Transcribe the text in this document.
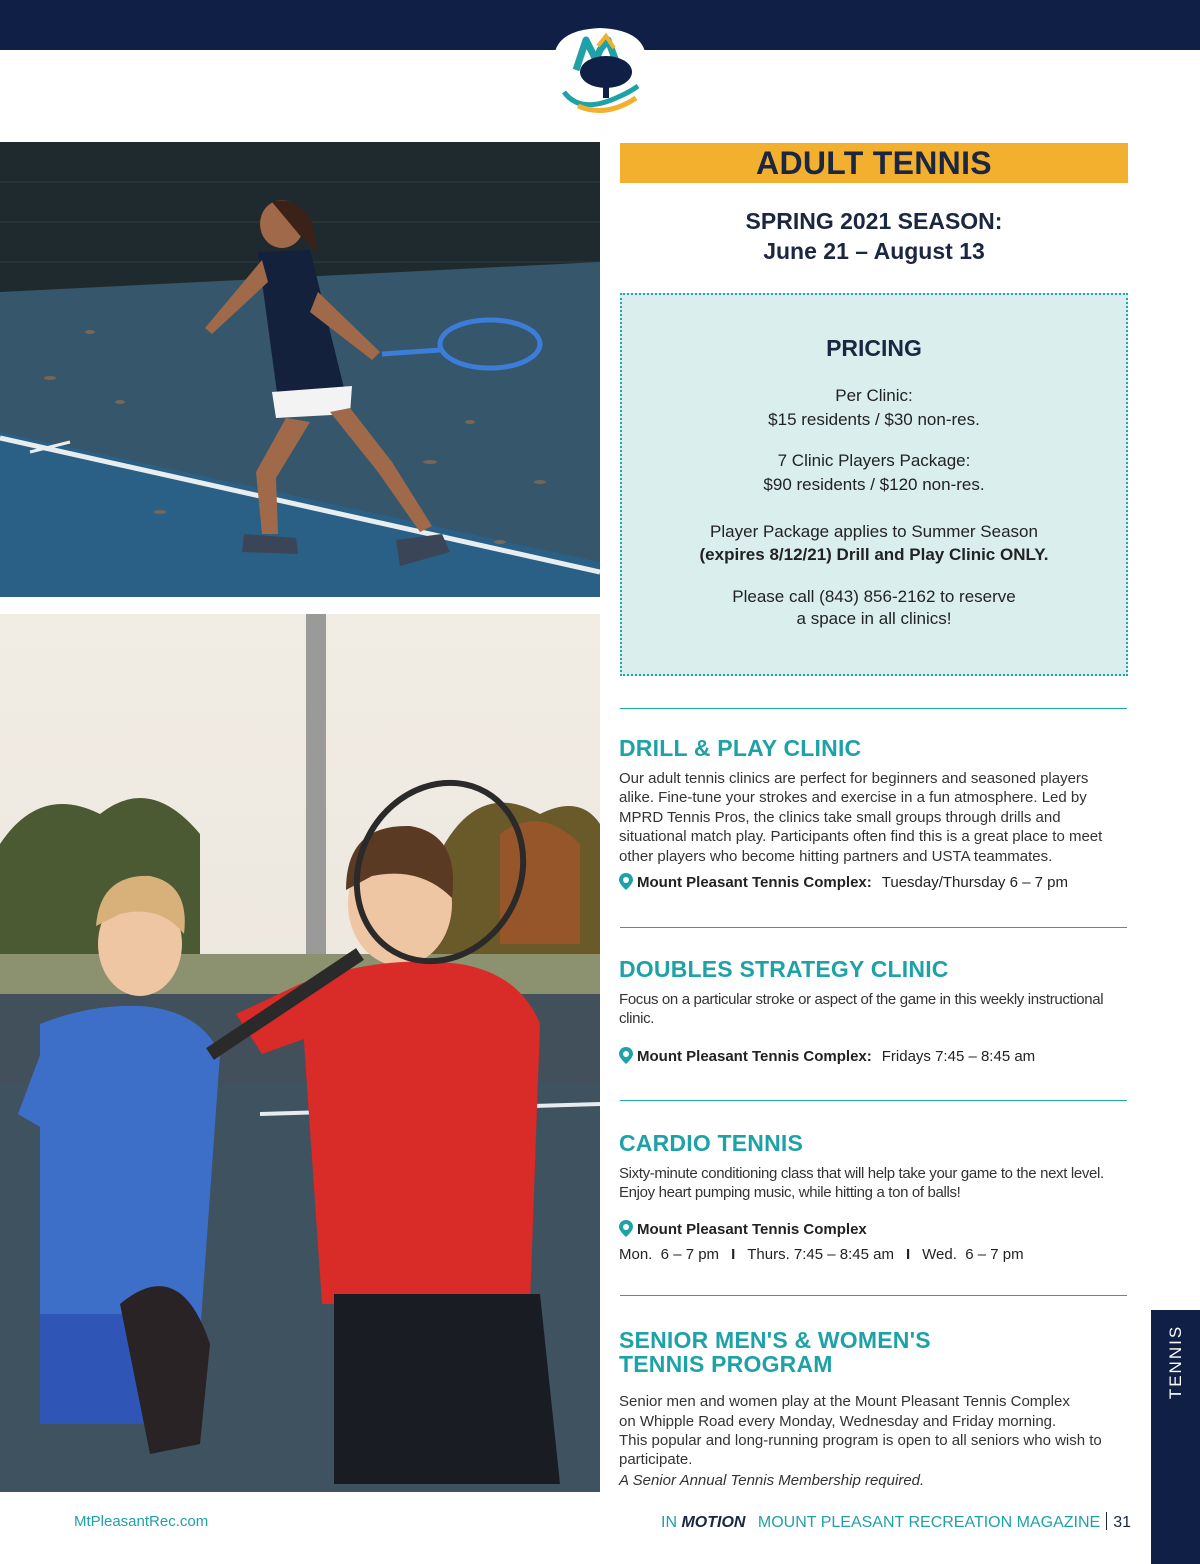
ADULT TENNIS
SPRING 2021 SEASON:
June 21 – August 13
PRICING
Per Clinic:
$15 residents / $30 non-res.
7 Clinic Players Package:
$90 residents / $120 non-res.
Player Package applies to Summer Season
(expires 8/12/21) Drill and Play Clinic ONLY.
Please call (843) 856-2162 to reserve
a space in all clinics!
DRILL & PLAY CLINIC
Our adult tennis clinics are perfect for beginners and seasoned players alike. Fine-tune your strokes and exercise in a fun atmosphere. Led by MPRD Tennis Pros, the clinics take small groups through drills and situational match play. Participants often find this is a great place to meet other players who become hitting partners and USTA teammates.
Mount Pleasant Tennis Complex: Tuesday/Thursday 6 – 7 pm
DOUBLES STRATEGY CLINIC
Focus on a particular stroke or aspect of the game in this weekly instructional clinic.
Mount Pleasant Tennis Complex: Fridays 7:45 – 8:45 am
CARDIO TENNIS
Sixty-minute conditioning class that will help take your game to the next level. Enjoy heart pumping music, while hitting a ton of balls!
Mount Pleasant Tennis Complex
Mon.  6 – 7 pm I Thurs. 7:45 – 8:45 am I Wed.  6 – 7 pm
SENIOR MEN'S & WOMEN'S
TENNIS PROGRAM
Senior men and women play at the Mount Pleasant Tennis Complex
on Whipple Road every Monday, Wednesday and Friday morning.
This popular and long-running program is open to all seniors who wish to participate.
A Senior Annual Tennis Membership required.
TENNIS
MtPleasantRec.com	IN MOTION MOUNT PLEASANT RECREATION MAGAZINE 31
